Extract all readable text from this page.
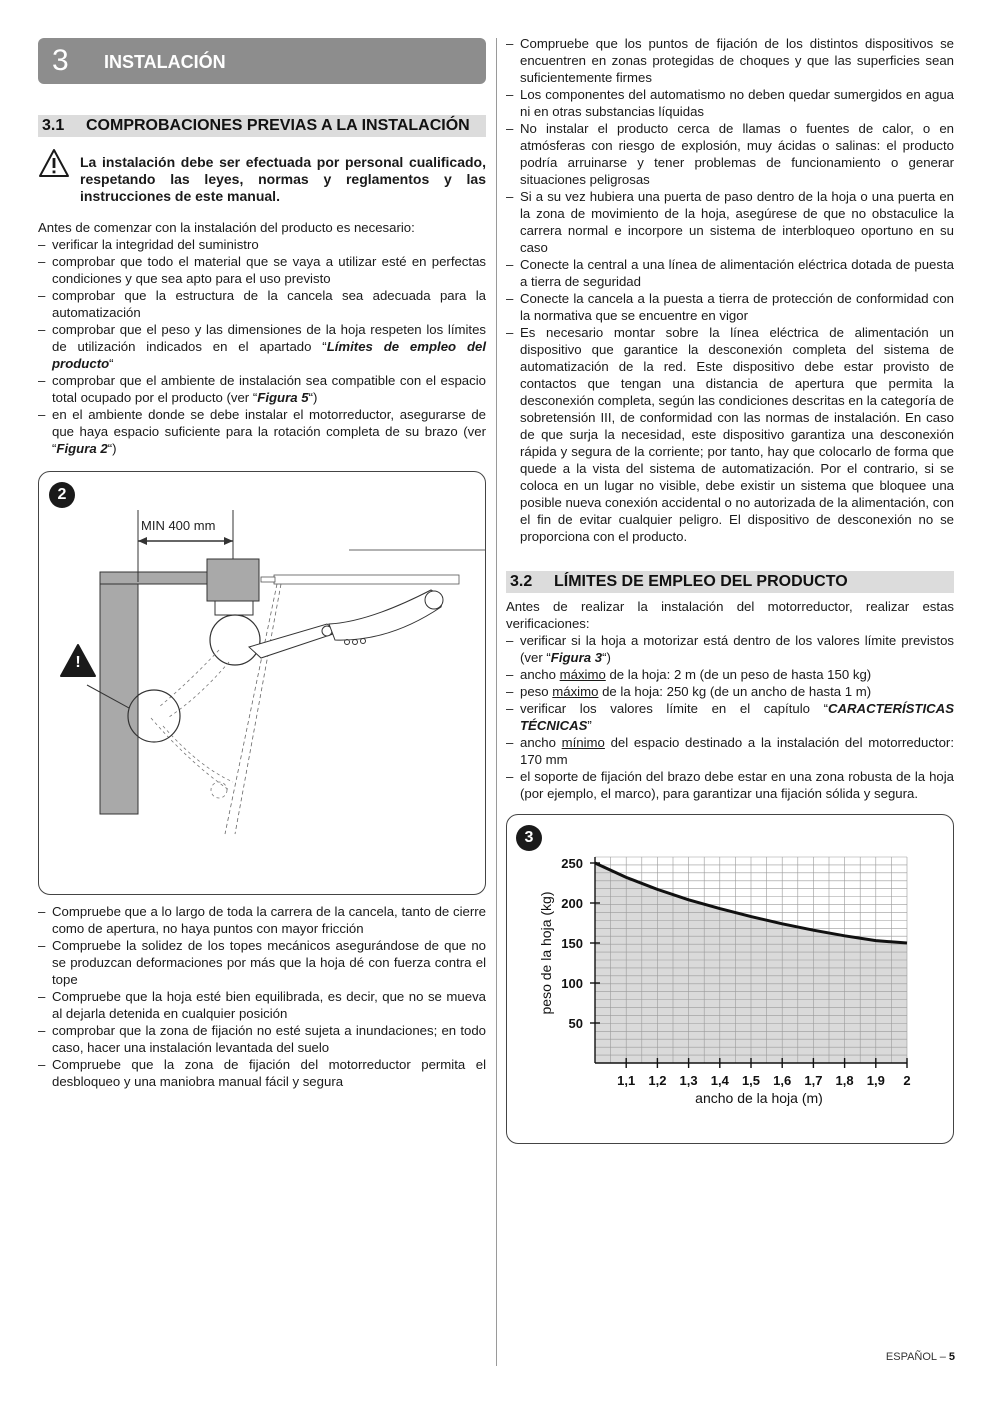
3 INSTALACIÓN
3.1 COMPROBACIONES PREVIAS A LA INSTALACIÓN
La instalación debe ser efectuada por personal cualificado, respetando las leyes, normas y reglamentos y las instrucciones de este manual.

Antes de comenzar con la instalación del producto es necesario:

– verificar la integridad del suministro
– comprobar que todo el material que se vaya a utilizar esté en perfectas condiciones y que sea apto para el uso previsto
– comprobar que la estructura de la cancela sea adecuada para la automatización
– comprobar que el peso y las dimensiones de la hoja respeten los límites de utilización indicados en el apartado “Límites de empleo del producto“
– comprobar que el ambiente de instalación sea compatible con el espacio total ocupado por el producto (ver “Figura 5“)
– en el ambiente donde se debe instalar el motorreductor, asegurarse de que haya espacio suficiente para la rotación completa de su brazo (ver “Figura 2“)
2
MIN 400 mm
!
– Compruebe que a lo largo de toda la carrera de la cancela, tanto de cierre como de apertura, no haya puntos con mayor fricción
– Compruebe la solidez de los topes mecánicos asegurándose de que no se produzcan deformaciones por más que la hoja dé con fuerza contra el tope
– Compruebe que la hoja esté bien equilibrada, es decir, que no se mueva al dejarla detenida en cualquier posición
– comprobar que la zona de fijación no esté sujeta a inundaciones; en todo caso, hacer una instalación levantada del suelo
– Compruebe que la zona de fijación del motorreductor permita el desbloqueo y una maniobra manual fácil y segura
– Compruebe que los puntos de fijación de los distintos dispositivos se encuentren en zonas protegidas de choques y que las superficies sean suficientemente firmes
– Los componentes del automatismo no deben quedar sumergidos en agua ni en otras substancias líquidas
– No instalar el producto cerca de llamas o fuentes de calor, o en atmósferas con riesgo de explosión, muy ácidas o salinas: el producto podría arruinarse y tener problemas de funcionamiento o generar situaciones peligrosas
– Si a su vez hubiera una puerta de paso dentro de la hoja o una puerta en la zona de movimiento de la hoja, asegúrese de que no obstaculice la carrera normal e incorpore un sistema de interbloqueo oportuno en su caso
– Conecte la central a una línea de alimentación eléctrica dotada de puesta a tierra de seguridad
– Conecte la cancela a la puesta a tierra de protección de conformidad con la normativa que se encuentre en vigor
– Es necesario montar sobre la línea eléctrica de alimentación un dispositivo que garantice la desconexión completa del sistema de automatización de la red. Este dispositivo debe estar provisto de contactos que tengan una distancia de apertura que permita la desconexión completa, según las condiciones descritas en la categoría de sobretensión III, de conformidad con las normas de instalación. En caso de que surja la necesidad, este dispositivo garantiza una desconexión rápida y segura de la corriente; por tanto, hay que colocarlo de forma que quede a la vista del sistema de automatización. Por el contrario, si se coloca en un lugar no visible, debe existir un sistema que bloquee una posible nueva conexión accidental o no autorizada de la alimentación, con el fin de evitar cualquier peligro. El dispositivo de desconexión no se proporciona con el producto.
3.2 LÍMITES DE EMPLEO DEL PRODUCTO

Antes de realizar la instalación del motorreductor, realizar estas verificaciones:

– verificar si la hoja a motorizar está dentro de los valores límite previstos (ver “Figura 3“)
– ancho máximo de la hoja: 2 m (de un peso de hasta 150 kg)
– peso máximo de la hoja: 250 kg (de un ancho de hasta 1 m)
– verificar los valores límite en el capítulo “CARACTERÍSTICAS TÉCNICAS”
– ancho mínimo del espacio destinado a la instalación del motorreductor: 170 mm
– el soporte de fijación del brazo debe estar en una zona robusta de la hoja (por ejemplo, el marco), para garantizar una fijación sólida y segura.
3
50
100
150
200
250
1,1 1,2 1,3 1,4 1,5 1,6 1,7 1,8 1,9 2
ancho de la hoja (m)
peso de la hoja (kg)
ESPAÑOL – 5
